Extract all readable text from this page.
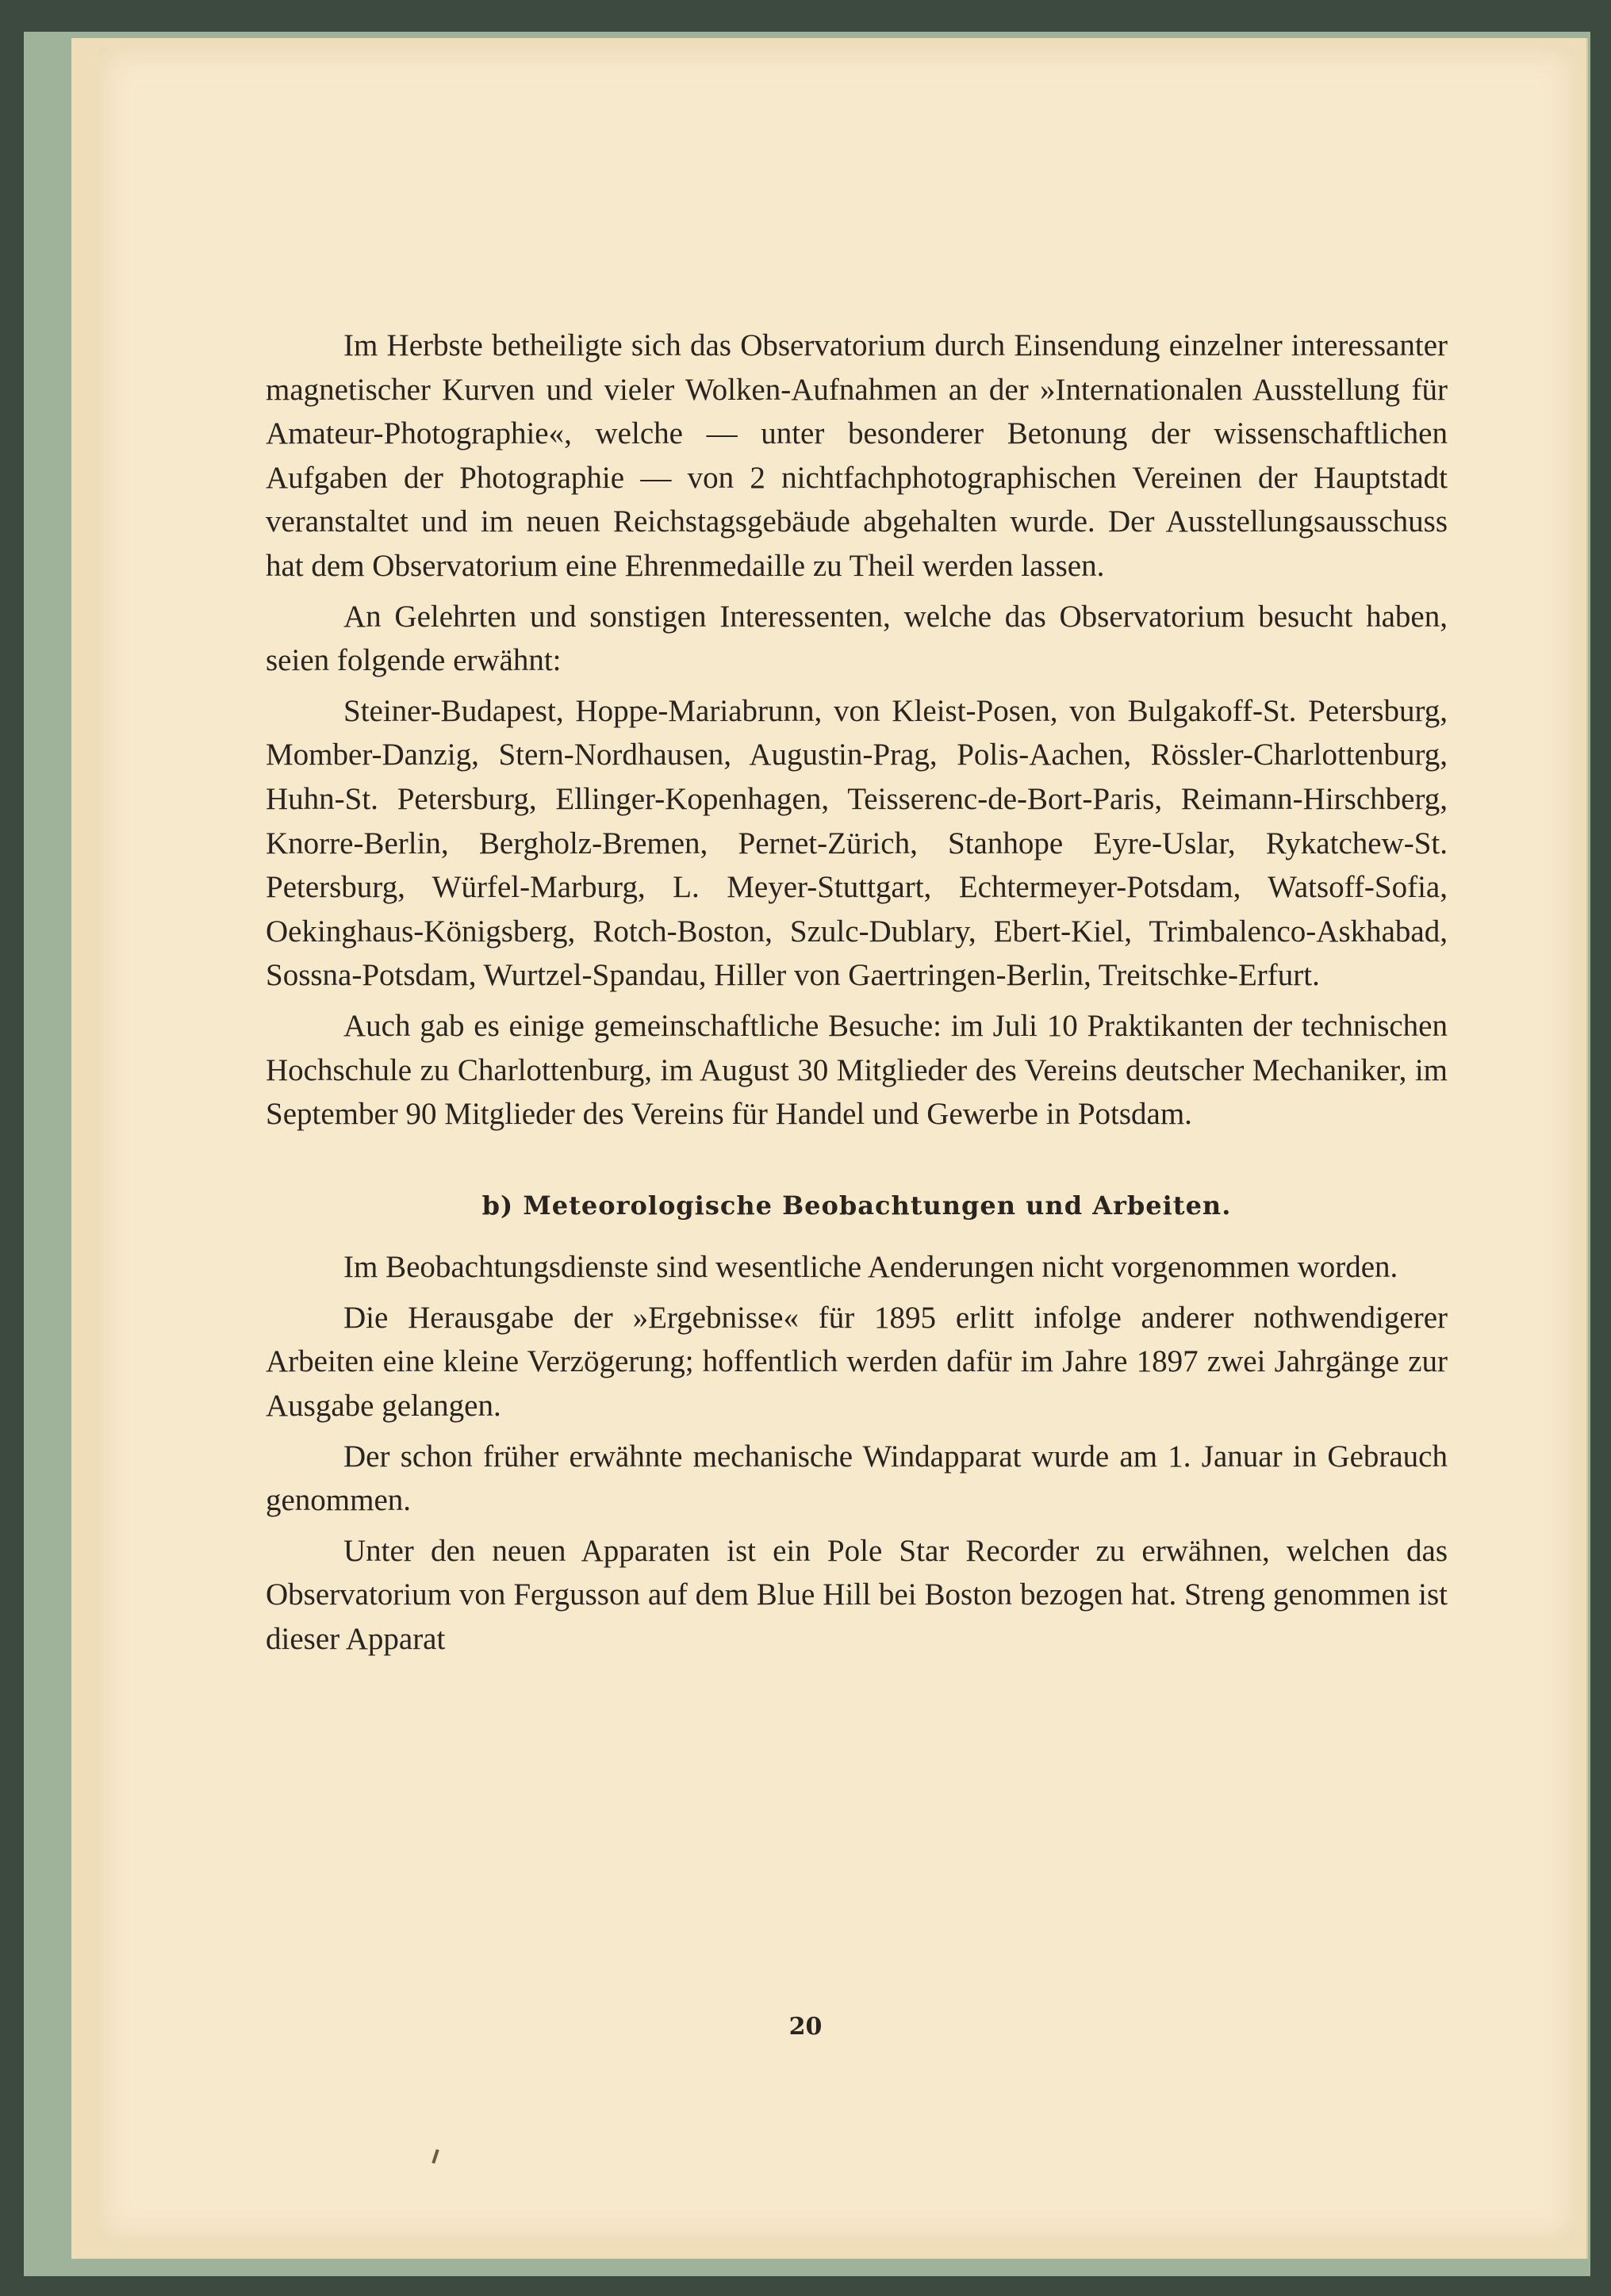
Im Herbste betheiligte sich das Observatorium durch Einsendung einzelner interessanter magnetischer Kurven und vieler Wolken-Aufnahmen an der »Internationalen Ausstellung für Amateur-Photographie«, welche — unter besonderer Betonung der wissenschaftlichen Aufgaben der Photographie — von 2 nichtfachphotographischen Vereinen der Hauptstadt veranstaltet und im neuen Reichstagsgebäude abgehalten wurde. Der Ausstellungsausschuss hat dem Observatorium eine Ehrenmedaille zu Theil werden lassen.

An Gelehrten und sonstigen Interessenten, welche das Observatorium besucht haben, seien folgende erwähnt:

Steiner-Budapest, Hoppe-Mariabrunn, von Kleist-Posen, von Bulgakoff-St. Petersburg, Momber-Danzig, Stern-Nordhausen, Augustin-Prag, Polis-Aachen, Rössler-Charlottenburg, Huhn-St. Petersburg, Ellinger-Kopenhagen, Teisserenc-de-Bort-Paris, Reimann-Hirschberg, Knorre-Berlin, Bergholz-Bremen, Pernet-Zürich, Stanhope Eyre-Uslar, Rykatchew-St. Petersburg, Würfel-Marburg, L. Meyer-Stuttgart, Echtermeyer-Potsdam, Watsoff-Sofia, Oekinghaus-Königsberg, Rotch-Boston, Szulc-Dublary, Ebert-Kiel, Trimbalenco-Askhabad, Sossna-Potsdam, Wurtzel-Spandau, Hiller von Gaertringen-Berlin, Treitschke-Erfurt.

Auch gab es einige gemeinschaftliche Besuche: im Juli 10 Praktikanten der technischen Hochschule zu Charlottenburg, im August 30 Mitglieder des Vereins deutscher Mechaniker, im September 90 Mitglieder des Vereins für Handel und Gewerbe in Potsdam.

b) Meteorologische Beobachtungen und Arbeiten.

Im Beobachtungsdienste sind wesentliche Aenderungen nicht vorgenommen worden.

Die Herausgabe der »Ergebnisse« für 1895 erlitt infolge anderer nothwendigerer Arbeiten eine kleine Verzögerung; hoffentlich werden dafür im Jahre 1897 zwei Jahrgänge zur Ausgabe gelangen.

Der schon früher erwähnte mechanische Windapparat wurde am 1. Januar in Gebrauch genommen.

Unter den neuen Apparaten ist ein Pole Star Recorder zu erwähnen, welchen das Observatorium von Fergusson auf dem Blue Hill bei Boston bezogen hat. Streng genommen ist dieser Apparat

20
